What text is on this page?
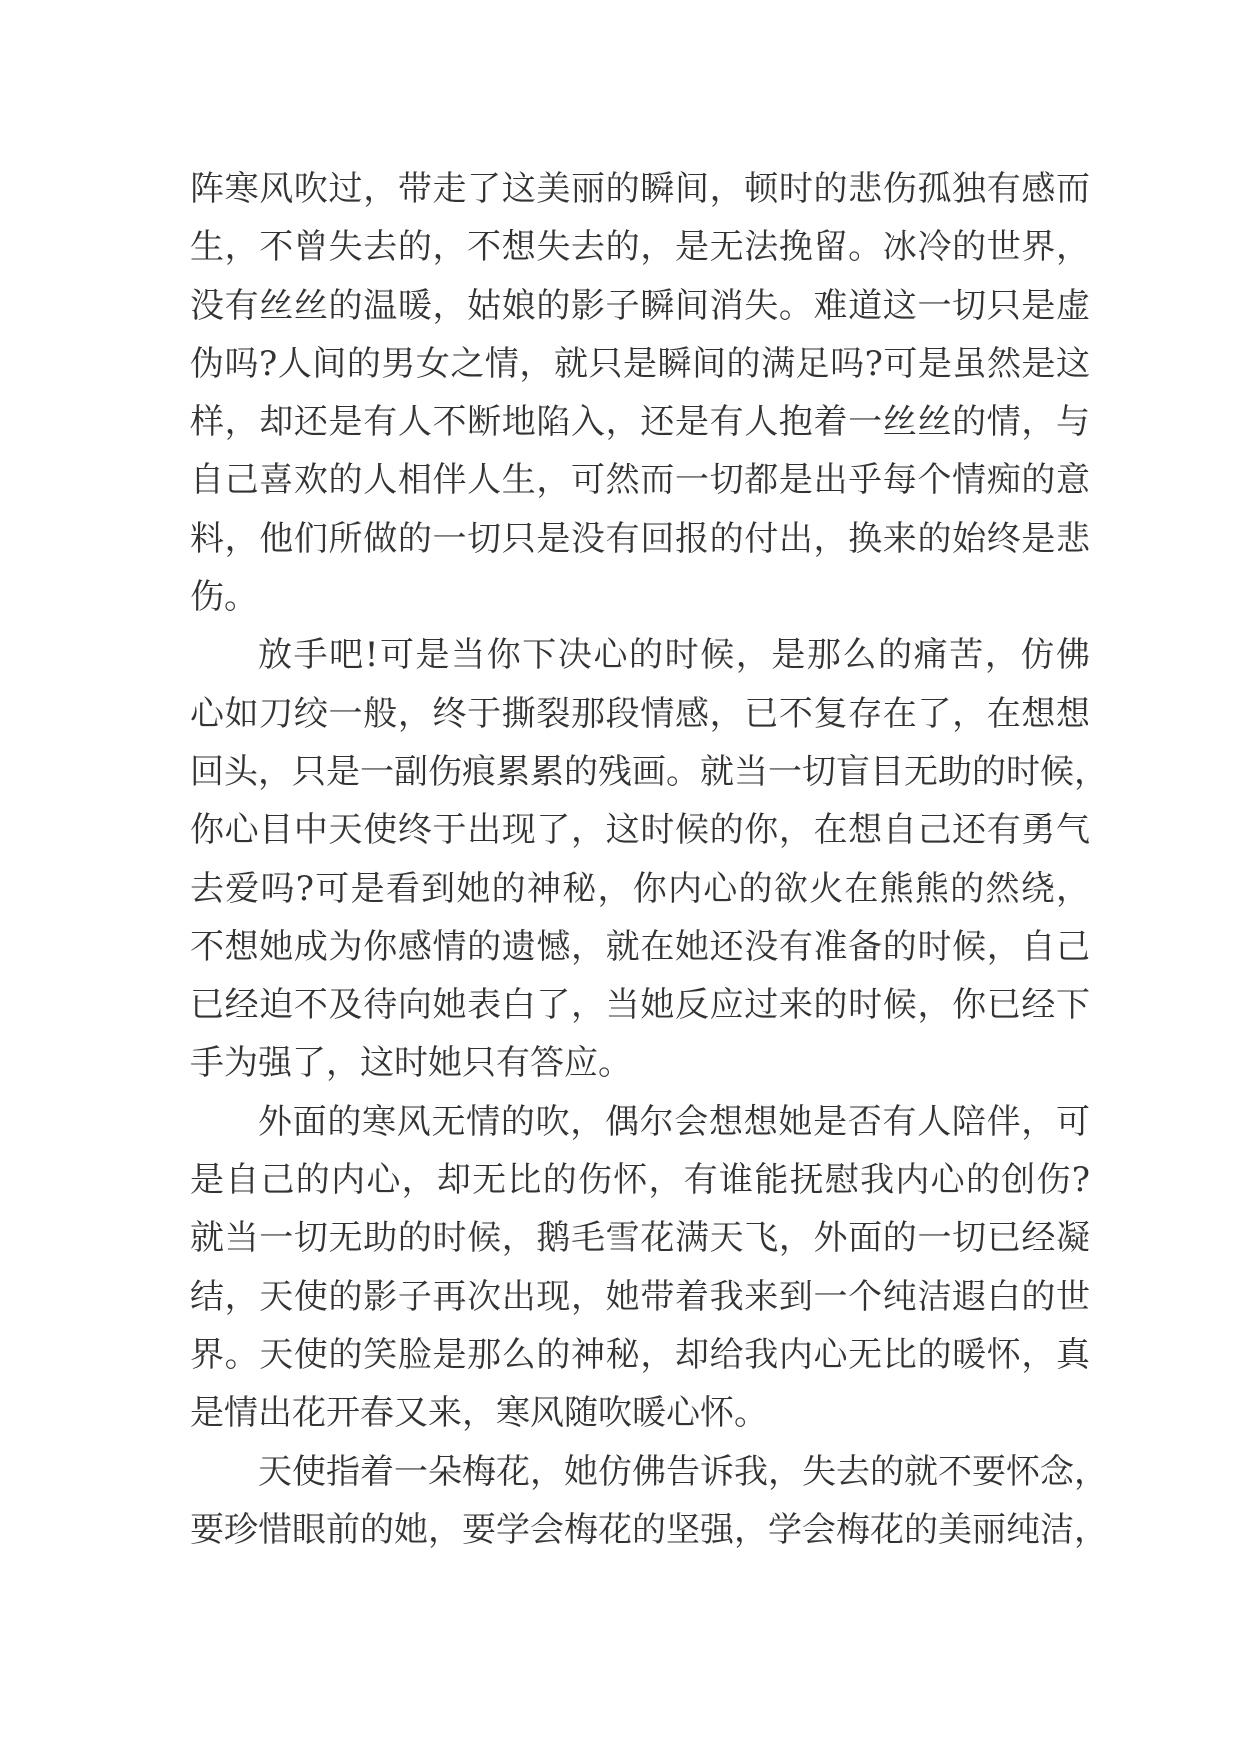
阵寒风吹过，带走了这美丽的瞬间，顿时的悲伤孤独有感而
生，不曾失去的，不想失去的，是无法挽留。冰冷的世界，
没有丝丝的温暖，姑娘的影子瞬间消失。难道这一切只是虚
伪吗?人间的男女之情，就只是瞬间的满足吗?可是虽然是这
样，却还是有人不断地陷入，还是有人抱着一丝丝的情，与
自己喜欢的人相伴人生，可然而一切都是出乎每个情痴的意
料，他们所做的一切只是没有回报的付出，换来的始终是悲
伤。
放手吧!可是当你下决心的时候，是那么的痛苦，仿佛
心如刀绞一般，终于撕裂那段情感，已不复存在了，在想想
回头，只是一副伤痕累累的残画。就当一切盲目无助的时候，
你心目中天使终于出现了，这时候的你，在想自己还有勇气
去爱吗?可是看到她的神秘，你内心的欲火在熊熊的然绕，
不想她成为你感情的遗憾，就在她还没有准备的时候，自己
已经迫不及待向她表白了，当她反应过来的时候，你已经下
手为强了，这时她只有答应。
外面的寒风无情的吹，偶尔会想想她是否有人陪伴，可
是自己的内心，却无比的伤怀，有谁能抚慰我内心的创伤?
就当一切无助的时候，鹅毛雪花满天飞，外面的一切已经凝
结，天使的影子再次出现，她带着我来到一个纯洁遐白的世
界。天使的笑脸是那么的神秘，却给我内心无比的暖怀，真
是情出花开春又来，寒风随吹暖心怀。
天使指着一朵梅花，她仿佛告诉我，失去的就不要怀念，
要珍惜眼前的她，要学会梅花的坚强，学会梅花的美丽纯洁，
